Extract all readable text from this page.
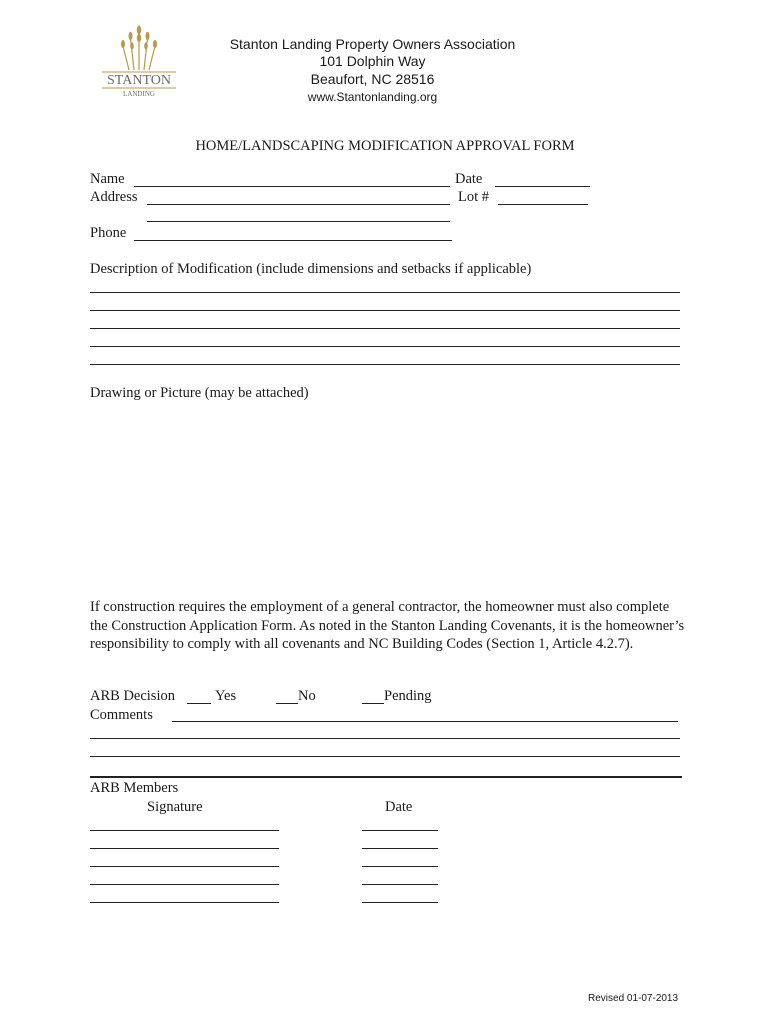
STANTON
LANDING
Stanton Landing Property Owners Association
101 Dolphin Way
Beaufort, NC 28516
www.Stantonlanding.org
HOME/LANDSCAPING MODIFICATION APPROVAL FORM
Name	Date
Address	Lot #
Phone
Description of Modification (include dimensions and setbacks if applicable)
Drawing or Picture (may be attached)
If construction requires the employment of a general contractor, the homeowner must also complete the Construction Application Form. As noted in the Stanton Landing Covenants, it is the homeowner’s responsibility to comply with all covenants and NC Building Codes (Section 1, Article 4.2.7).
ARB Decision	Yes	No	Pending
Comments
ARB Members
Signature	Date
Revised 01-07-2013
